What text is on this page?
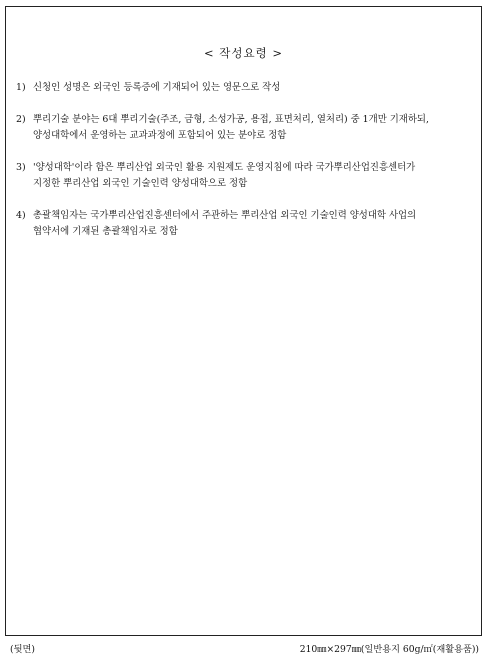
< 작성요령 >
1) 신청인 성명은 외국인 등록증에 기재되어 있는 영문으로 작성
2) 뿌리기술 분야는 6대 뿌리기술(주조, 금형, 소성가공, 용접, 표면처리, 열처리) 중 1개만 기재하되,
양성대학에서 운영하는 교과과정에 포함되어 있는 분야로 정함
3) '양성대학'이라 함은 뿌리산업 외국인 활용 지원제도 운영지침에 따라 국가뿌리산업진흥센터가
지정한 뿌리산업 외국인 기술인력 양성대학으로 정함
4) 총괄책임자는 국가뿌리산업진흥센터에서 주관하는 뿌리산업 외국인 기술인력 양성대학 사업의
협약서에 기재된 총괄책임자로 정함
(뒷면)	210㎜×297㎜(일반용지 60g/㎡(재활용품))
